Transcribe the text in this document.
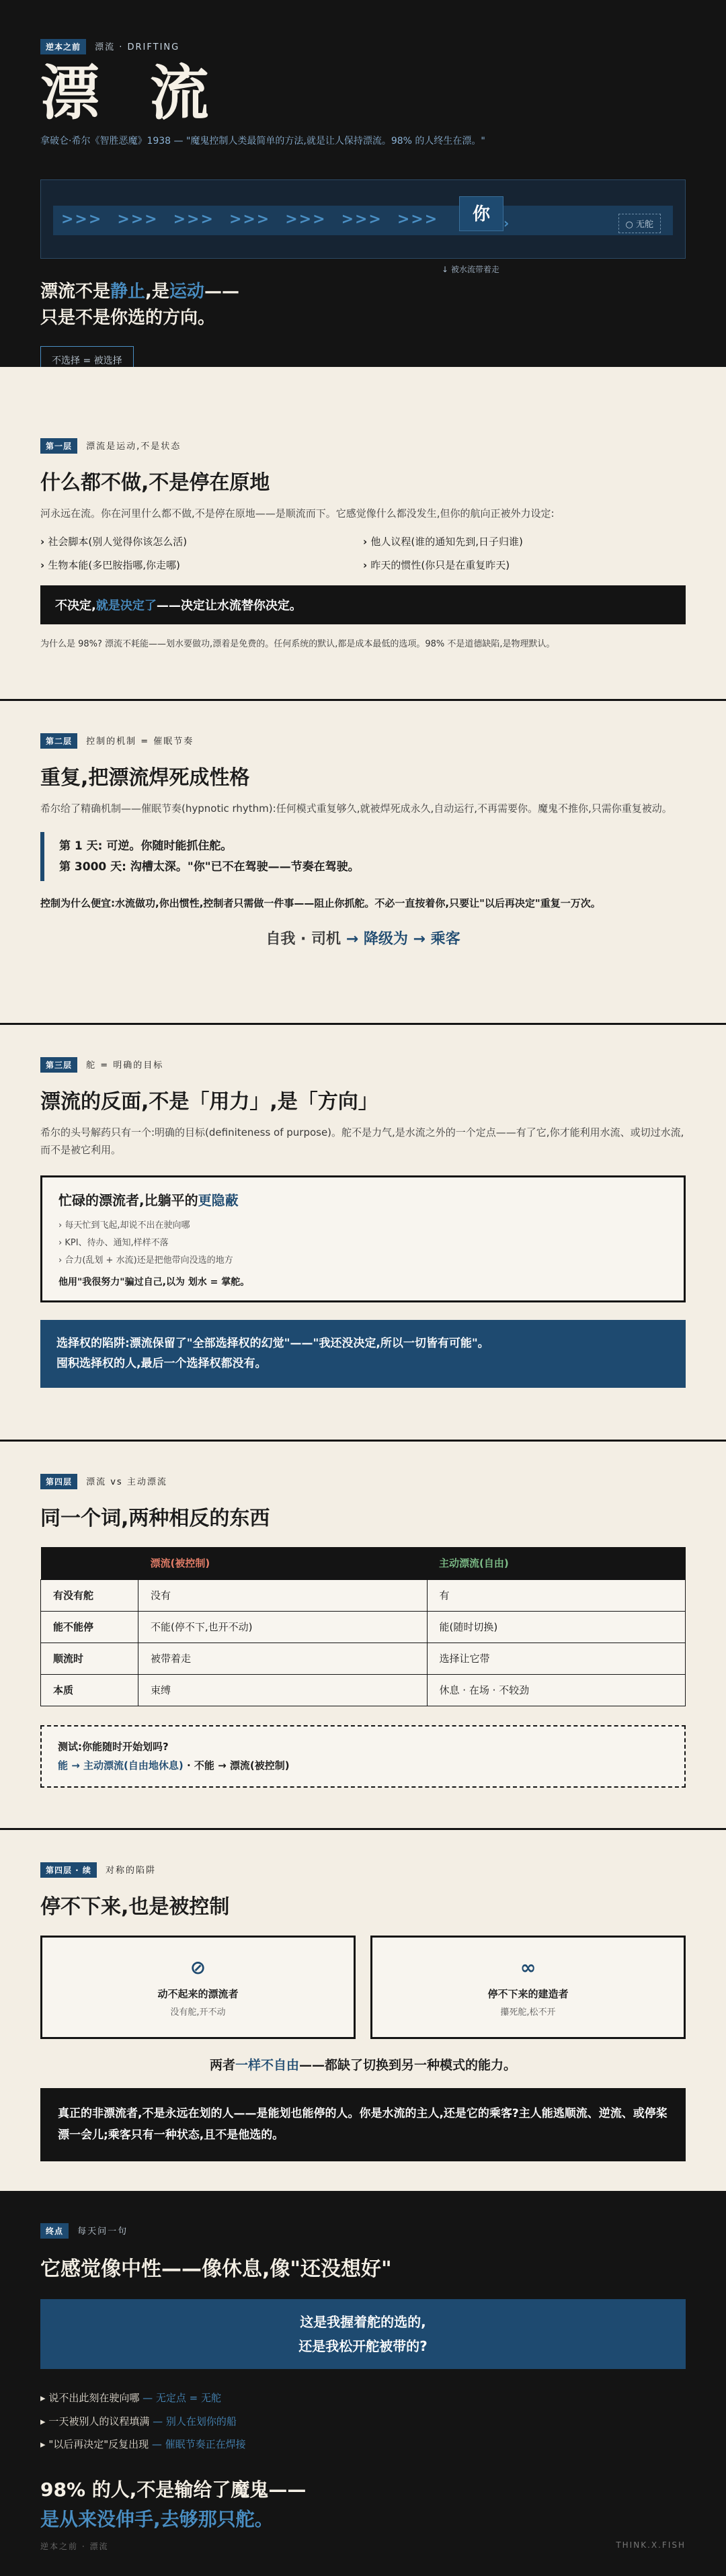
逆本之前 漂流 · DRIFTING
漂 流
拿破仑·希尔《智胜恶魔》1938 — "魔鬼控制人类最简单的方法,就是让人保持漂流。98% 的人终生在漂。"
>>> >>> >>> >>> >>> >>> >>>	你	›
↓ 被水流带着走
○ 无舵
漂流不是静止,是运动——
只是不是你选的方向。
不选择 = 被选择
第一层 漂流是运动,不是状态
什么都不做,不是停在原地

河永远在流。你在河里什么都不做,不是停在原地——是顺流而下。它感觉像什么都没发生,但你的航向正被外力设定:

› 社会脚本(别人觉得你该怎么活)	› 他人议程(谁的通知先到,日子归谁)
› 生物本能(多巴胺指哪,你走哪)	› 昨天的惯性(你只是在重复昨天)
不决定,就是决定了——决定让水流替你决定。
为什么是 98%? 漂流不耗能——划水要做功,漂着是免费的。任何系统的默认,都是成本最低的选项。98% 不是道德缺陷,是物理默认。
第二层 控制的机制 = 催眠节奏
重复,把漂流焊死成性格

希尔给了精确机制——催眠节奏(hypnotic rhythm):任何模式重复够久,就被焊死成永久,自动运行,不再需要你。魔鬼不推你,只需你重复被动。

第 1 天: 可逆。你随时能抓住舵。
第 3000 天: 沟槽太深。"你"已不在驾驶——节奏在驾驶。

控制为什么便宜:水流做功,你出惯性,控制者只需做一件事——阻止你抓舵。不必一直按着你,只要让"以后再决定"重复一万次。

自我 · 司机 → 降级为 → 乘客
第三层 舵 = 明确的目标
漂流的反面,不是「用力」,是「方向」

希尔的头号解药只有一个:明确的目标(definiteness of purpose)。舵不是力气,是水流之外的一个定点——有了它,你才能利用水流、或切过水流,而不是被它利用。

忙碌的漂流者,比躺平的更隐蔽
› 每天忙到飞起,却说不出在驶向哪
› KPI、待办、通知,样样不落
› 合力(乱划 + 水流)还是把他带向没选的地方
他用"我很努力"骗过自己,以为 划水 = 掌舵。
选择权的陷阱:漂流保留了"全部选择权的幻觉"——"我还没决定,所以一切皆有可能"。
囤积选择权的人,最后一个选择权都没有。
第四层 漂流 vs 主动漂流
同一个词,两种相反的东西
	漂流(被控制)	主动漂流(自由)
有没有舵	没有	有
能不能停	不能(停不下,也开不动)	能(随时切换)
顺流时	被带着走	选择让它带
本质	束缚	休息 · 在场 · 不较劲
测试:你能随时开始划吗?
能 → 主动漂流(自由地休息) · 不能 → 漂流(被控制)
第四层 · 续 对称的陷阱
停不下来,也是被控制
⊘
动不起来的漂流者
没有舵,开不动
∞
停不下来的建造者
攥死舵,松不开
两者一样不自由——都缺了切换到另一种模式的能力。
真正的非漂流者,不是永远在划的人——是能划也能停的人。你是水流的主人,还是它的乘客?主人能逃顺流、逆流、或停桨漂一会儿;乘客只有一种状态,且不是他选的。
终点 每天问一句
它感觉像中性——像休息,像"还没想好"
这是我握着舵的选的,
还是我松开舵被带的?
▸ 说不出此刻在驶向哪 — 无定点 = 无舵
▸ 一天被别人的议程填满 — 别人在划你的船
▸ "以后再决定"反复出现 — 催眠节奏正在焊接
98% 的人,不是输给了魔鬼——
是从来没伸手,去够那只舵。
逆本之前 · 漂流	THINK.X.FISH
